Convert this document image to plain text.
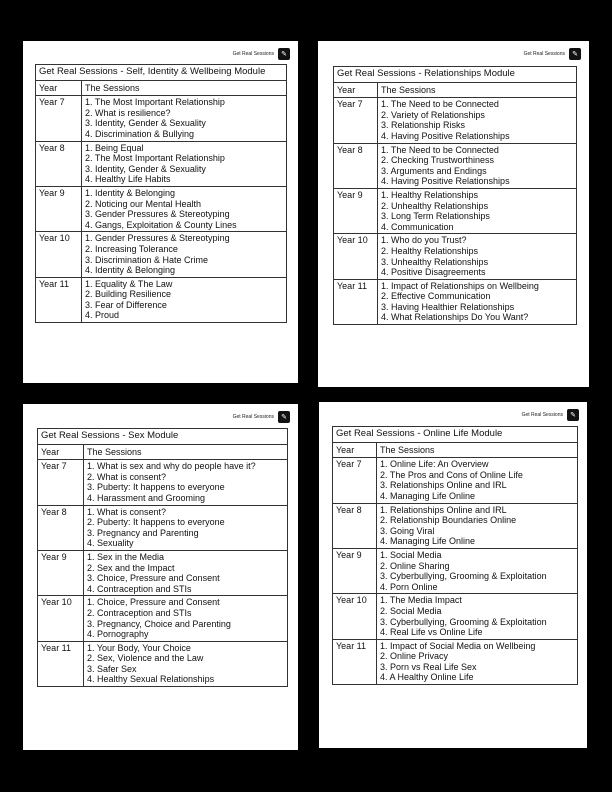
Get Real Sessions	✎
Get Real Sessions - Self, Identity & Wellbeing Module	
Year	The Sessions
Year 7	1. The Most Important Relationship
2. What is resilience?
3. Identity, Gender & Sexuality
4. Discrimination & Bullying

Year 8	1. Being Equal
2. The Most Important Relationship
3. Identity, Gender & Sexuality
4. Healthy Life Habits

Year 9	1. Identity & Belonging
2. Noticing our Mental Health
3. Gender Pressures & Stereotyping
4. Gangs, Exploitation & County Lines

Year 10	1. Gender Pressures & Stereotyping
2. Increasing Tolerance
3. Discrimination & Hate Crime
4. Identity & Belonging

Year 11	1. Equality & The Law
2. Building Resilience
3. Fear of Difference
4. Proud
Get Real Sessions	✎
Get Real Sessions - Relationships Module	
Year	The Sessions
Year 7	1. The Need to be Connected
2. Variety of Relationships
3. Relationship Risks
4. Having Positive Relationships

Year 8	1. The Need to be Connected
2. Checking Trustworthiness
3. Arguments and Endings
4. Having Positive Relationships

Year 9	1. Healthy Relationships
2. Unhealthy Relationships
3. Long Term Relationships
4. Communication

Year 10	1. Who do you Trust?
2. Healthy Relationships
3. Unhealthy Relationships
4. Positive Disagreements

Year 11	1. Impact of Relationships on Wellbeing
2. Effective Communication
3. Having Healthier Relationships
4. What Relationships Do You Want?
Get Real Sessions	✎
Get Real Sessions - Sex Module	
Year	The Sessions
Year 7	1. What is sex and why do people have it?
2. What is consent?
3. Puberty: It happens to everyone
4. Harassment and Grooming

Year 8	1. What is consent?
2. Puberty: It happens to everyone
3. Pregnancy and Parenting
4. Sexuality

Year 9	1. Sex in the Media
2. Sex and the Impact
3. Choice, Pressure and Consent
4. Contraception and STIs

Year 10	1. Choice, Pressure and Consent
2. Contraception and STIs
3. Pregnancy, Choice and Parenting
4. Pornography

Year 11	1. Your Body, Your Choice
2. Sex, Violence and the Law
3. Safer Sex
4. Healthy Sexual Relationships
Get Real Sessions	✎
Get Real Sessions - Online Life Module	
Year	The Sessions
Year 7	1. Online Life: An Overview
2. The Pros and Cons of Online Life
3. Relationships Online and IRL
4. Managing Life Online

Year 8	1. Relationships Online and IRL
2. Relationship Boundaries Online
3. Going Viral
4. Managing Life Online

Year 9	1. Social Media
2. Online Sharing
3. Cyberbullying, Grooming & Exploitation
4. Porn Online

Year 10	1. The Media Impact
2. Social Media
3. Cyberbullying, Grooming & Exploitation
4. Real Life vs Online Life

Year 11	1. Impact of Social Media on Wellbeing
2. Online Privacy
3. Porn vs Real Life Sex
4. A Healthy Online Life
